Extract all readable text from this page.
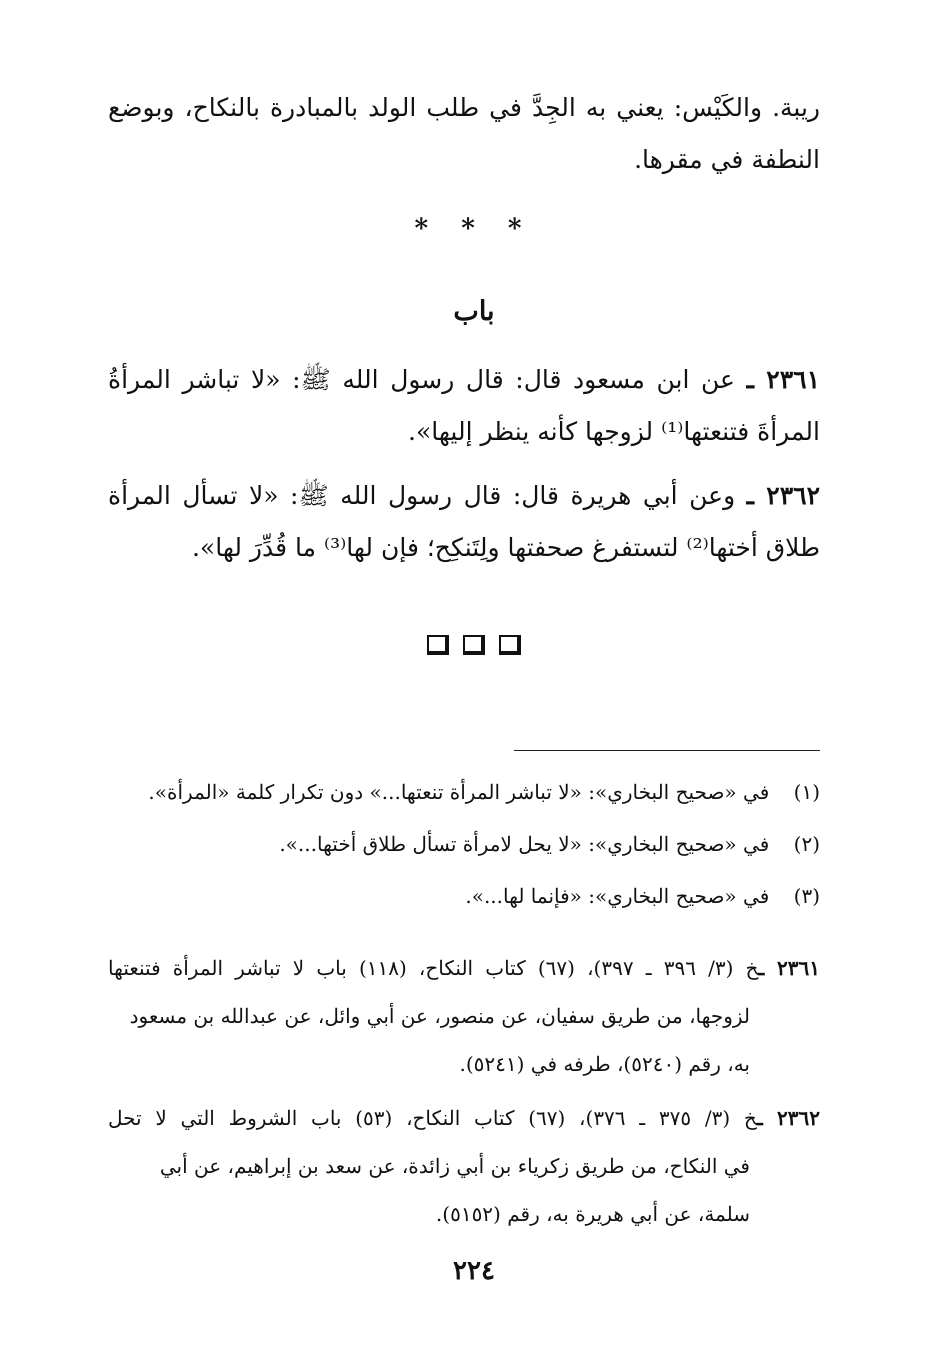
ريبة. والكَيْس: يعني به الجِدَّ في طلب الولد بالمبادرة بالنكاح، وبوضع النطفة في مقرها.

* * *
باب

٢٣٦١ ـ عن ابن مسعود قال: قال رسول الله ﷺ: «لا تباشر المرأةُ المرأةَ فتنعتها⁽¹⁾ لزوجها كأنه ينظر إليها».

٢٣٦٢ ـ وعن أبي هريرة قال: قال رسول الله ﷺ: «لا تسأل المرأة طلاق أختها⁽²⁾ لتستفرغ صحفتها ولِتَنكِح؛ فإن لها⁽³⁾ ما قُدِّرَ لها».

(١) في «صحيح البخاري»: «لا تباشر المرأة تنعتها...» دون تكرار كلمة «المرأة».
(٢) في «صحيح البخاري»: «لا يحل لامرأة تسأل طلاق أختها...».
(٣) في «صحيح البخاري»: «فإنما لها...».
٢٣٦١ ـخ (٣/ ٣٩٦ ـ ٣٩٧)، (٦٧) كتاب النكاح، (١١٨) باب لا تباشر المرأة فتنعتها
لزوجها، من طريق سفيان، عن منصور، عن أبي وائل، عن عبدالله بن مسعود به، رقم (٥٢٤٠)، طرفه في (٥٢٤١).
٢٣٦٢ ـخ (٣/ ٣٧٥ ـ ٣٧٦)، (٦٧) كتاب النكاح، (٥٣) باب الشروط التي لا تحل
في النكاح، من طريق زكرياء بن أبي زائدة، عن سعد بن إبراهيم، عن أبي سلمة، عن أبي هريرة به، رقم (٥١٥٢).
٢٢٤
